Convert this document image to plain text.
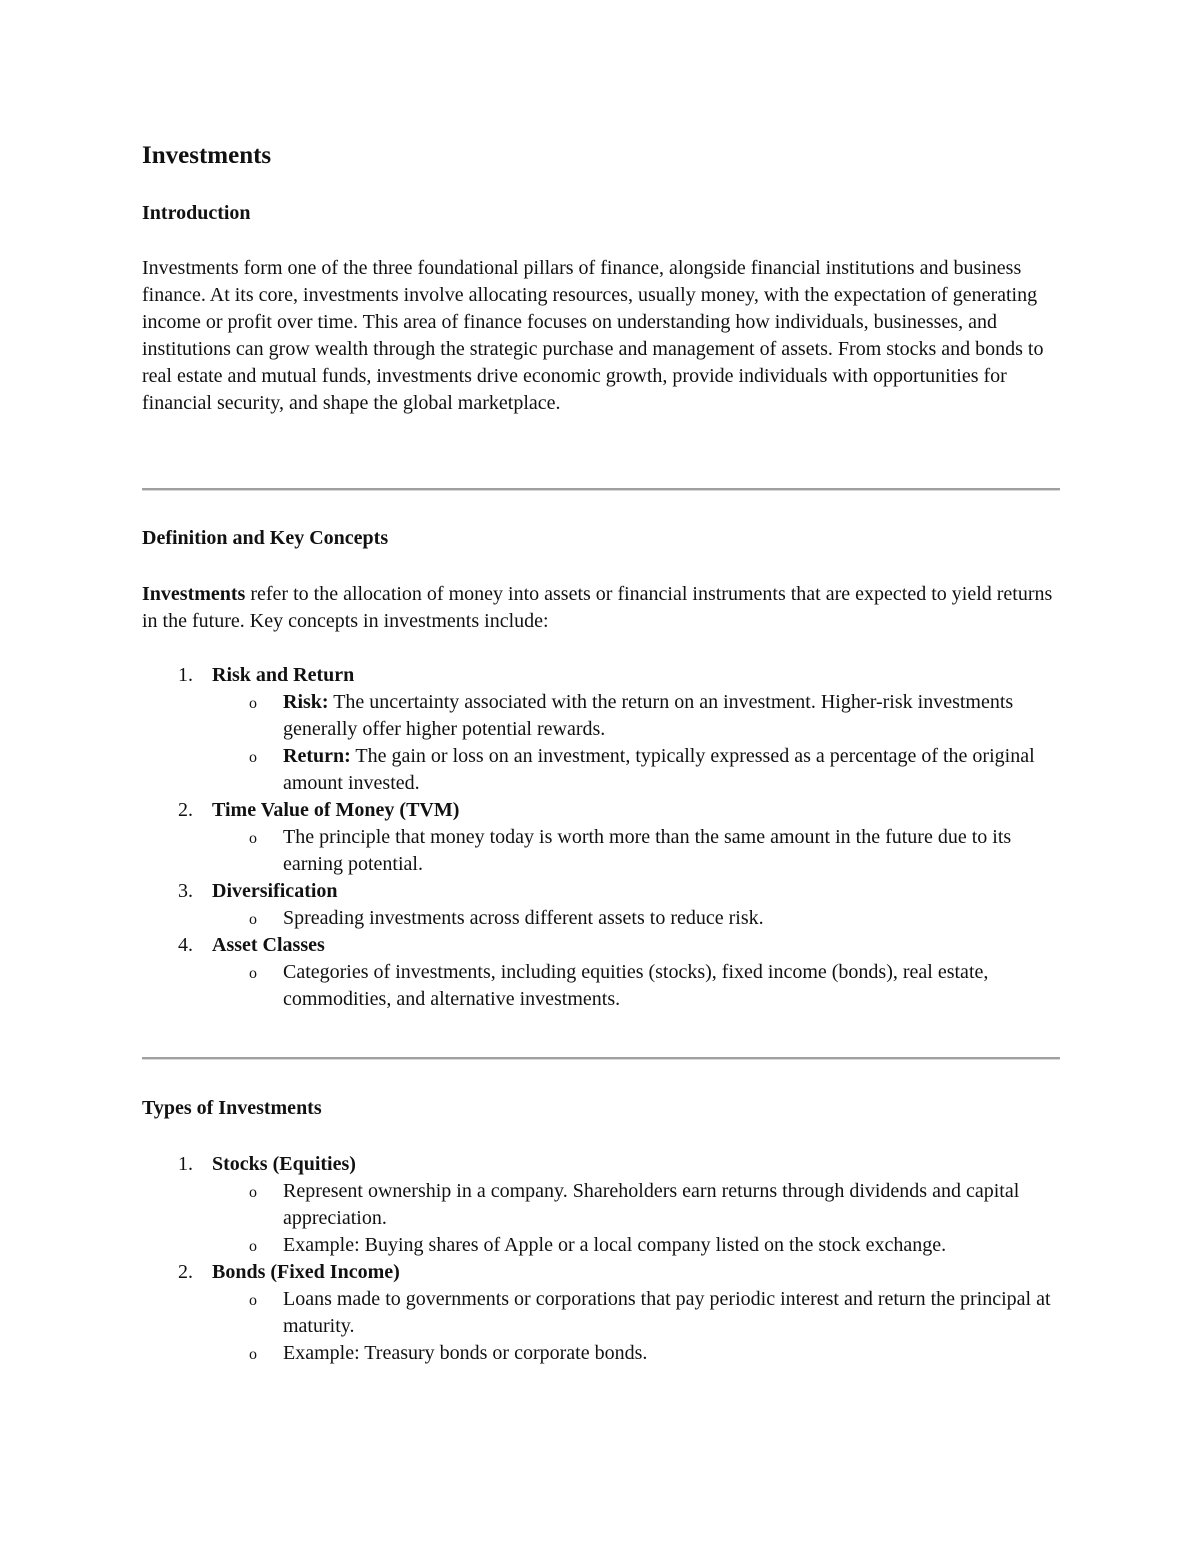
Investments
Introduction

Investments form one of the three foundational pillars of finance, alongside financial institutions and business finance. At its core, investments involve allocating resources, usually money, with the expectation of generating income or profit over time. This area of finance focuses on understanding how individuals, businesses, and institutions can grow wealth through the strategic purchase and management of assets. From stocks and bonds to real estate and mutual funds, investments drive economic growth, provide individuals with opportunities for financial security, and shape the global marketplace.

Definition and Key Concepts

Investments refer to the allocation of money into assets or financial instruments that are expected to yield returns in the future. Key concepts in investments include:

1. Risk and Return
o Risk: The uncertainty associated with the return on an investment. Higher-risk investments generally offer higher potential rewards.
o Return: The gain or loss on an investment, typically expressed as a percentage of the original amount invested.
2. Time Value of Money (TVM)
o The principle that money today is worth more than the same amount in the future due to its earning potential.
3. Diversification
o Spreading investments across different assets to reduce risk.
4. Asset Classes
o Categories of investments, including equities (stocks), fixed income (bonds), real estate, commodities, and alternative investments.
Types of Investments
1. Stocks (Equities)
o Represent ownership in a company. Shareholders earn returns through dividends and capital appreciation.
o Example: Buying shares of Apple or a local company listed on the stock exchange.
2. Bonds (Fixed Income)
o Loans made to governments or corporations that pay periodic interest and return the principal at maturity.
o Example: Treasury bonds or corporate bonds.
